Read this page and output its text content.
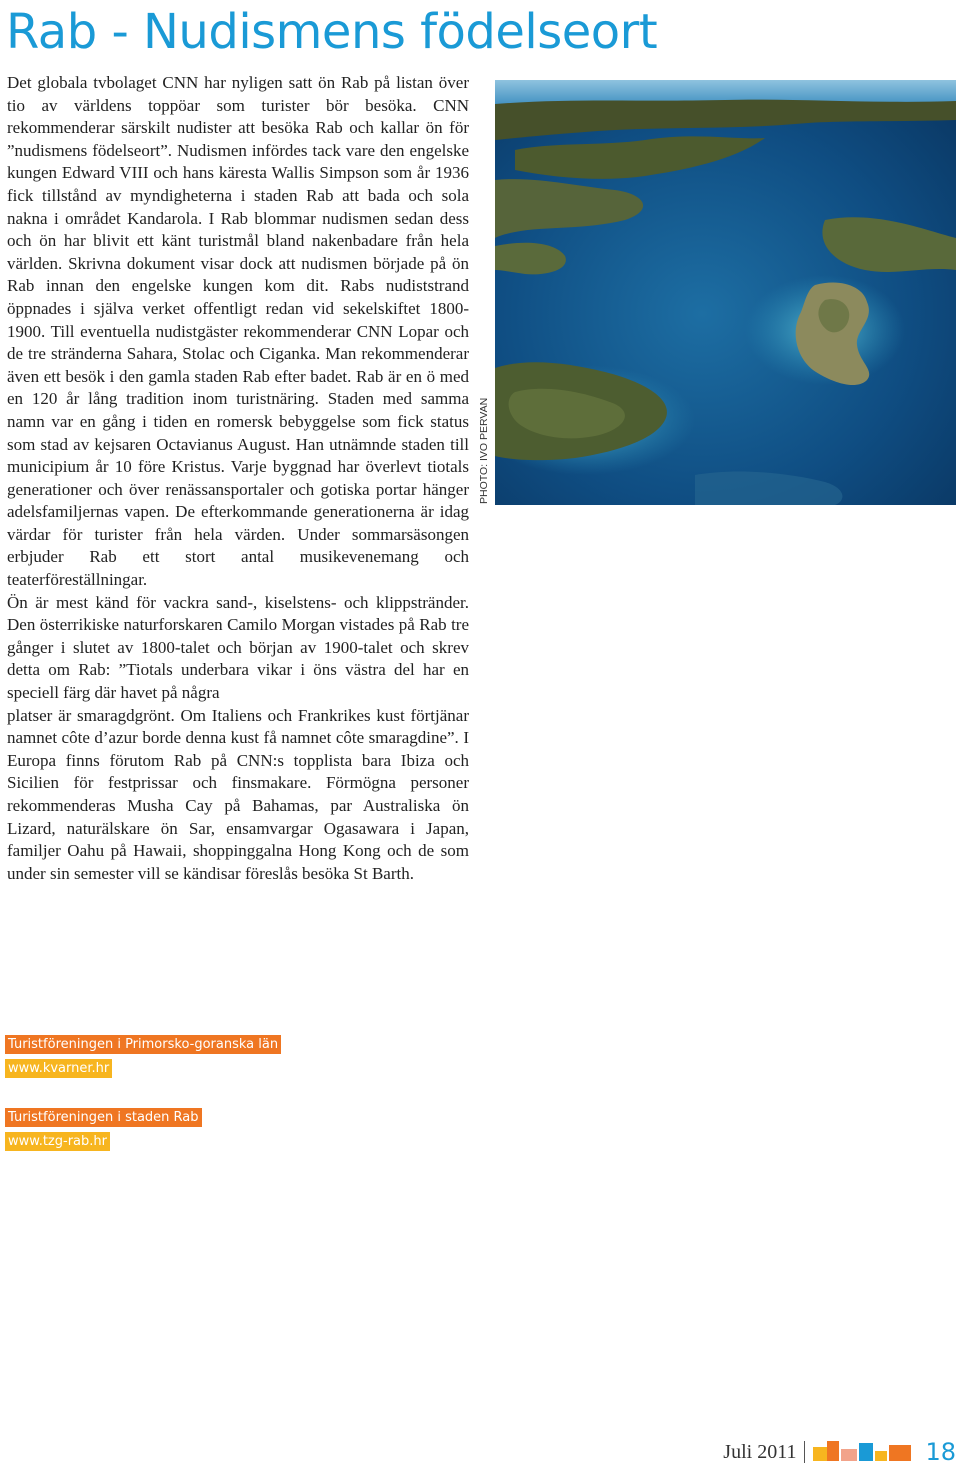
Rab - Nudismens födelseort

Det globala tvbolaget CNN har nyligen satt ön Rab på listan över tio av världens toppöar som turister bör besöka. CNN rekommenderar särskilt nudister att besöka Rab och kallar ön för ”nudismens födelseort”. Nudismen infördes tack vare den engelske kungen Edward VIII och hans käresta Wallis Simpson som år 1936 fick tillstånd av myndigheterna i staden Rab att bada och sola nakna i området Kandarola. I Rab blommar nudismen sedan dess och ön har blivit ett känt turistmål bland nakenbadare från hela världen. Skrivna dokument visar dock att nudismen började på ön Rab innan den engelske kungen kom dit. Rabs nudiststrand öppnades i själva verket offentligt redan vid sekelskiftet 1800-1900. Till eventuella nudistgäster rekommenderar CNN Lopar och de tre stränderna Sahara, Stolac och Ciganka. Man rekommenderar även ett besök i den gamla staden Rab efter badet. Rab är en ö med en 120 år lång tradition inom turistnäring. Staden med samma namn var en gång i tiden en romersk bebyggelse som fick status som stad av kejsaren Octavianus August. Han utnämnde staden till municipium år 10 före Kristus. Varje byggnad har överlevt tiotals generationer och över renässansportaler och gotiska portar hänger adelsfamiljernas vapen. De efterkommande generationerna är idag värdar för turister från hela värden. Under sommarsäsongen erbjuder Rab ett stort antal musikevenemang och teaterföreställningar.

Ön är mest känd för vackra sand-, kiselstens- och klippstränder. Den österrikiske naturforskaren Camilo Morgan vistades på Rab tre gånger i slutet av 1800-talet och början av 1900-talet och skrev detta om Rab: ”Tiotals underbara vikar i öns västra del har en speciell färg där havet på några

platser är smaragdgrönt. Om Italiens och Frankrikes kust förtjänar namnet côte d’azur borde denna kust få namnet côte smaragdine”. I Europa finns förutom Rab på CNN:s topplista bara Ibiza och Sicilien för festprissar och finsmakare. Förmögna personer rekommenderas Musha Cay på Bahamas, par Australiska ön Lizard, naturälskare ön Sar, ensamvargar Ogasawara i Japan, familjer Oahu på Hawaii, shoppinggalna Hong Kong och de som under sin semester vill se kändisar föreslås besöka St Barth.

PHOTO: IVO PERVAN
Turistföreningen i Primorsko-goranska län
www.kvarner.hr
Turistföreningen i staden Rab
www.tzg-rab.hr
Juli 2011	18
